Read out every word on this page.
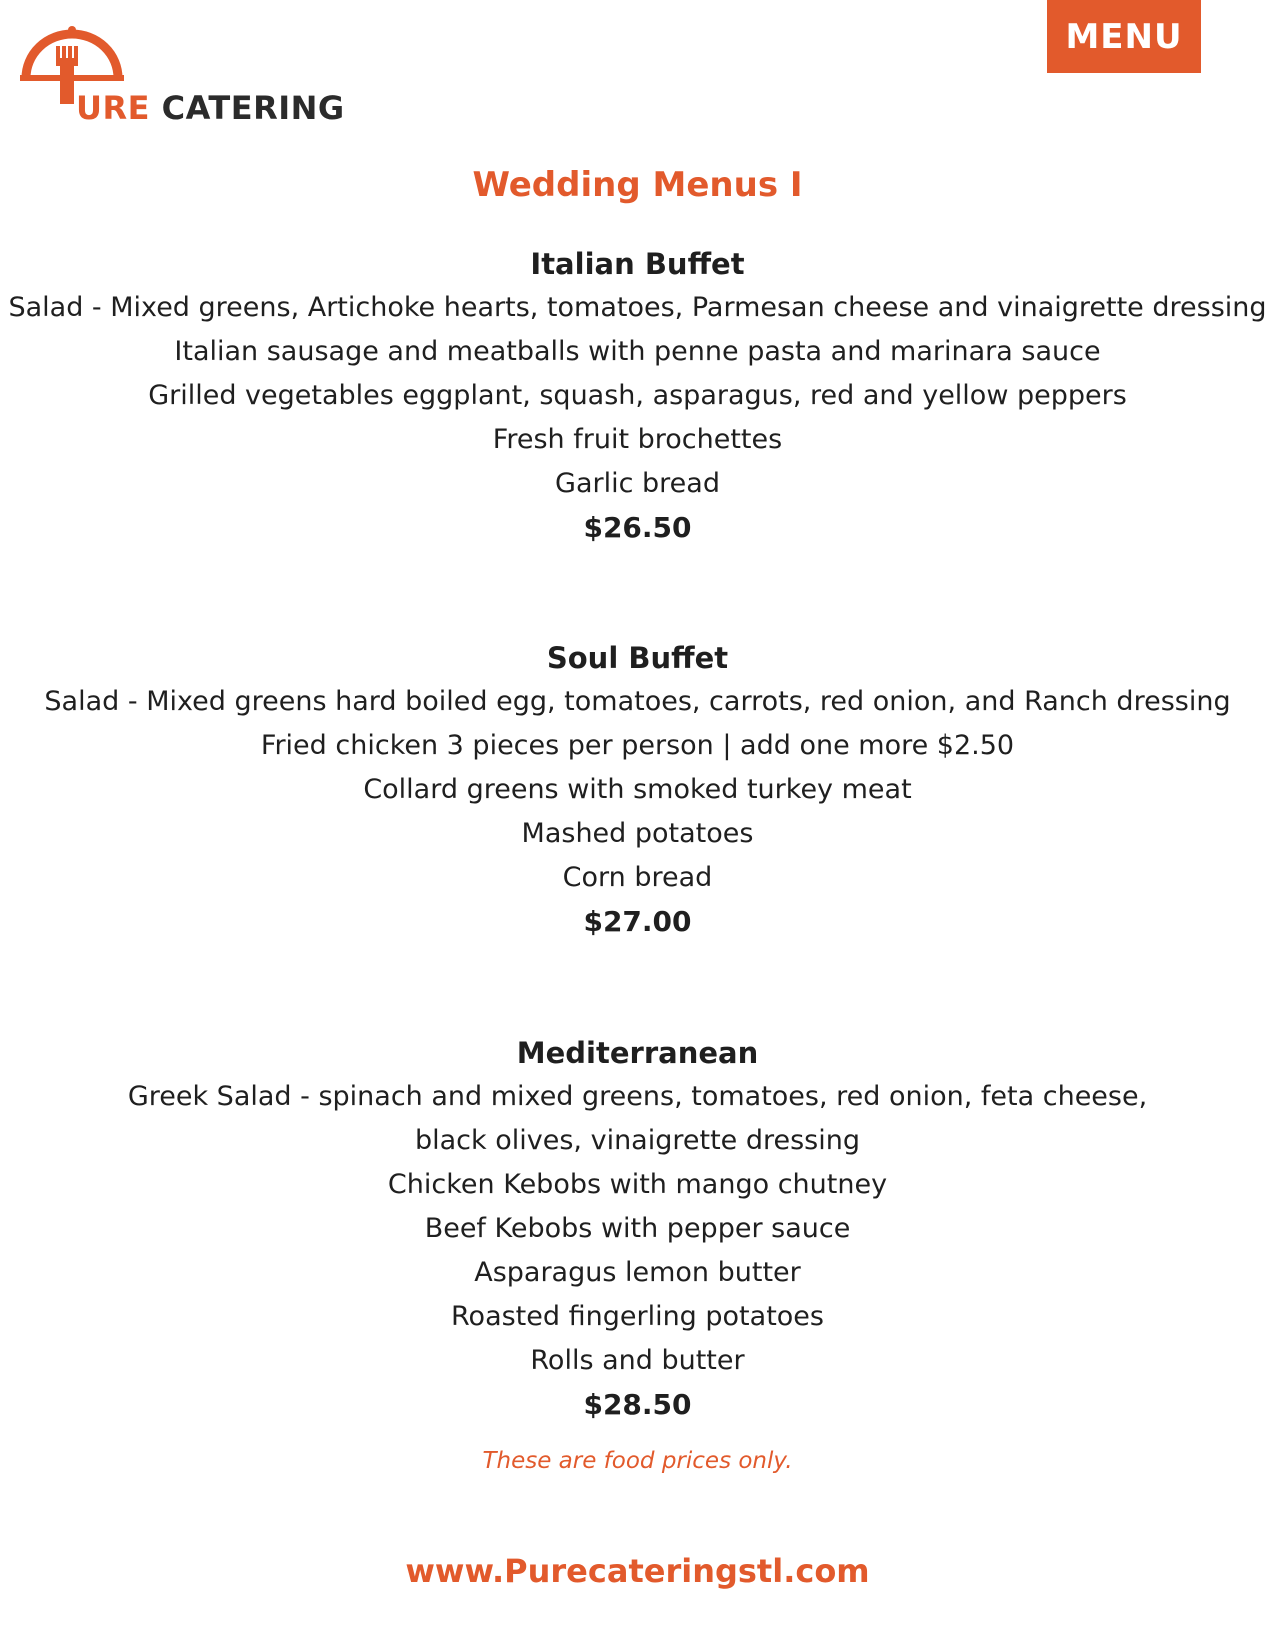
URE CATERING
MENU
Wedding Menus I
Italian Buffet
Salad - Mixed greens, Artichoke hearts, tomatoes, Parmesan cheese and vinaigrette dressing
Italian sausage and meatballs with penne pasta and marinara sauce
Grilled vegetables eggplant, squash, asparagus, red and yellow peppers
Fresh fruit brochettes
Garlic bread
$26.50
Soul Buffet
Salad - Mixed greens hard boiled egg, tomatoes, carrots, red onion, and Ranch dressing
Fried chicken 3 pieces per person | add one more $2.50
Collard greens with smoked turkey meat
Mashed potatoes
Corn bread
$27.00
Mediterranean
Greek Salad - spinach and mixed greens, tomatoes, red onion, feta cheese,
black olives, vinaigrette dressing
Chicken Kebobs with mango chutney
Beef Kebobs with pepper sauce
Asparagus lemon butter
Roasted fingerling potatoes
Rolls and butter
$28.50
These are food prices only.
www.Purecateringstl.com
